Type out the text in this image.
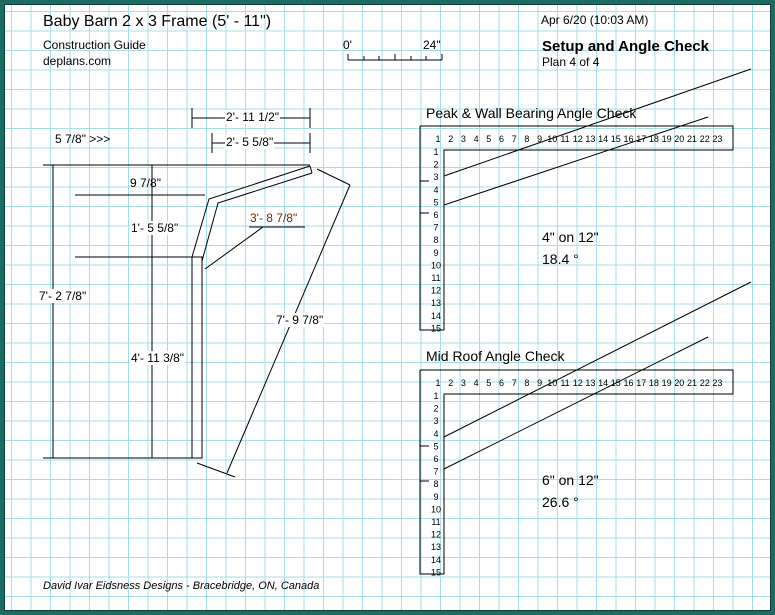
Baby Barn 2 x 3 Frame (5' - 11")
Construction Guide
deplans.com
Apr 6/20 (10:03 AM)
Setup and Angle Check
Plan 4 of 4
0'	24"
1 2 3 4 5 6 7 8 9 10 11 12 13 14 15 16 17 18 19 20 21 22 23
1
2
3
4
5
6
7
8
9
10
11
12
13
14
15
1 2 3 4 5 6 7 8 9 10 11 12 13 14 15 16 17 18 19 20 21 22 23
1
2
3
4
5
6
7
8
9
10
11
12
13
14
15
5 7/8" >>>
2'- 11 1/2"
2'- 5 5/8"
9 7/8"
1'- 5 5/8"
3'- 8 7/8"
7'- 2 7/8"
4'- 11 3/8"
7'- 9 7/8"
Peak & Wall Bearing Angle Check
4" on 12"
18.4 °
Mid Roof Angle Check
6" on 12"
26.6 °
David Ivar Eidsness Designs - Bracebridge, ON, Canada
